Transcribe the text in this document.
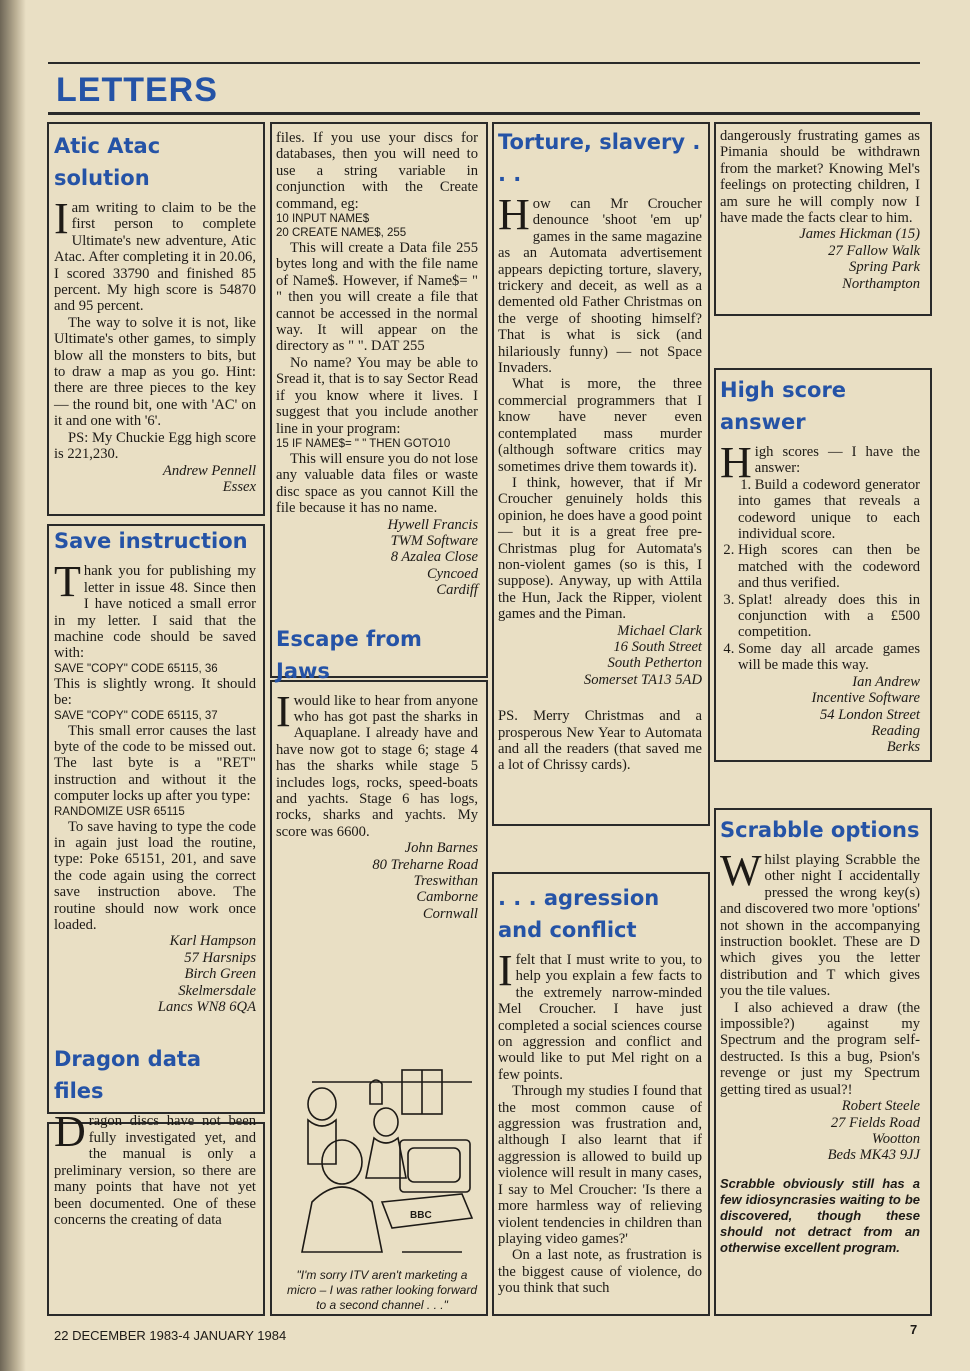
LETTERS
Atic Atac solution

Iam writing to claim to be the first person to complete Ultimate's new adventure, Atic Atac. After completing it in 20.06, I scored 33790 and finished 85 percent. My high score is 54870 and 95 percent.

The way to solve it is not, like Ultimate's other games, to simply blow all the monsters to bits, but to draw a map as you go. Hint: there are three pieces to the key — the round bit, one with 'AC' on it and one with '6'.

PS: My Chuckie Egg high score is 221,230.

Andrew Pennell
Essex
Save instruction

Thank you for publishing my letter in issue 48. Since then I have noticed a small error in my letter. I said that the machine code should be saved with:

SAVE "COPY" CODE 65115, 36

This is slightly wrong. It should be:

SAVE "COPY" CODE 65115, 37

This small error causes the last byte of the code to be missed out. The last byte is a "RET" instruction and without it the computer locks up after you type:

RANDOMIZE USR 65115

To save having to type the code in again just load the routine, type: Poke 65151, 201, and save the code again using the correct save instruction above. The routine should now work once loaded.

Karl Hampson
57 Harsnips
Birch Green
Skelmersdale
Lancs WN8 6QA
Dragon data files

Dragon discs have not been fully investigated yet, and the manual is only a preliminary version, so there are many points that have not yet been documented. One of these concerns the creating of data

files. If you use your discs for databases, then you will need to use a string variable in conjunction with the Create command, eg:

10 INPUT NAME$
20 CREATE NAME$, 255

This will create a Data file 255 bytes long and with the file name of Name$. However, if Name$= " " then you will create a file that cannot be accessed in the normal way. It will appear on the directory as " ". DAT 255

No name? You may be able to Sread it, that is to say Sector Read if you know where it lives. I suggest that you include another line in your program:

15 IF NAME$= " " THEN GOTO10

This will ensure you do not lose any valuable data files or waste disc space as you cannot Kill the file because it has no name.

Hywell Francis
TWM Software
8 Azalea Close
Cyncoed
Cardiff
Escape from Jaws

Iwould like to hear from anyone who has got past the sharks in Aquaplane. I already have and have now got to stage 6; stage 4 has the sharks while stage 5 includes logs, rocks, speed-boats and yachts. Stage 6 has logs, rocks, sharks and yachts. My score was 6600.

John Barnes
80 Treharne Road
Treswithan
Camborne
Cornwall
BBC
"I'm sorry ITV aren't marketing a micro – I was rather looking forward to a second channel . . ."
Torture, slavery . . .

How can Mr Croucher denounce 'shoot 'em up' games in the same magazine as an Automata advertisement appears depicting torture, slavery, trickery and deceit, as well as a demented old Father Christmas on the verge of shooting himself? That is what is sick (and hilariously funny) — not Space Invaders.

What is more, the three commercial programmers that I know have never even contemplated mass murder (although software critics may sometimes drive them towards it).

I think, however, that if Mr Croucher genuinely holds this opinion, he does have a good point — but it is a great free pre-Christmas plug for Automata's non-violent games (so is this, I suppose). Anyway, up with Attila the Hun, Jack the Ripper, violent games and the Piman.

Michael Clark
16 South Street
South Petherton
Somerset TA13 5AD

PS. Merry Christmas and a prosperous New Year to Automata and all the readers (that saved me a lot of Chrissy cards).

. . . agression and conflict

Ifelt that I must write to you, to help you explain a few facts to the extremely narrow-minded Mel Croucher. I have just completed a social sciences course on aggression and conflict and would like to put Mel right on a few points.

Through my studies I found that the most common cause of aggression was frustration and, although I also learnt that if aggression is allowed to build up violence will result in many cases, I say to Mel Croucher: 'Is there a more harmless way of relieving violent tendencies in children than playing video games?'

On a last note, as frustration is the biggest cause of violence, do you think that such

dangerously frustrating games as Pimania should be withdrawn from the market? Knowing Mel's feelings on protecting children, I am sure he will comply now I have made the facts clear to him.

James Hickman (15)
27 Fallow Walk
Spring Park
Northampton
High score answer

High scores — I have the answer:

1. Build a codeword generator into games that reveals a codeword unique to each individual score.
2. High scores can then be matched with the codeword and thus verified.
3. Splat! already does this in conjunction with a £500 competition.
4. Some day all arcade games will be made this way.
Ian Andrew
Incentive Software
54 London Street
Reading
Berks
Scrabble options

Whilst playing Scrabble the other night I accidentally pressed the wrong key(s) and discovered two more 'options' not shown in the accompanying instruction booklet. These are D which gives you the letter distribution and T which gives you the tile values.

I also achieved a draw (the impossible?) against my Spectrum and the program self-destructed. Is this a bug, Psion's revenge or just my Spectrum getting tired as usual?!

Robert Steele
27 Fields Road
Wootton
Beds MK43 9JJ

Scrabble obviously still has a few idiosyncrasies waiting to be discovered, though these should not detract from an otherwise excellent program.

22 DECEMBER 1983-4 JANUARY 1984	7
